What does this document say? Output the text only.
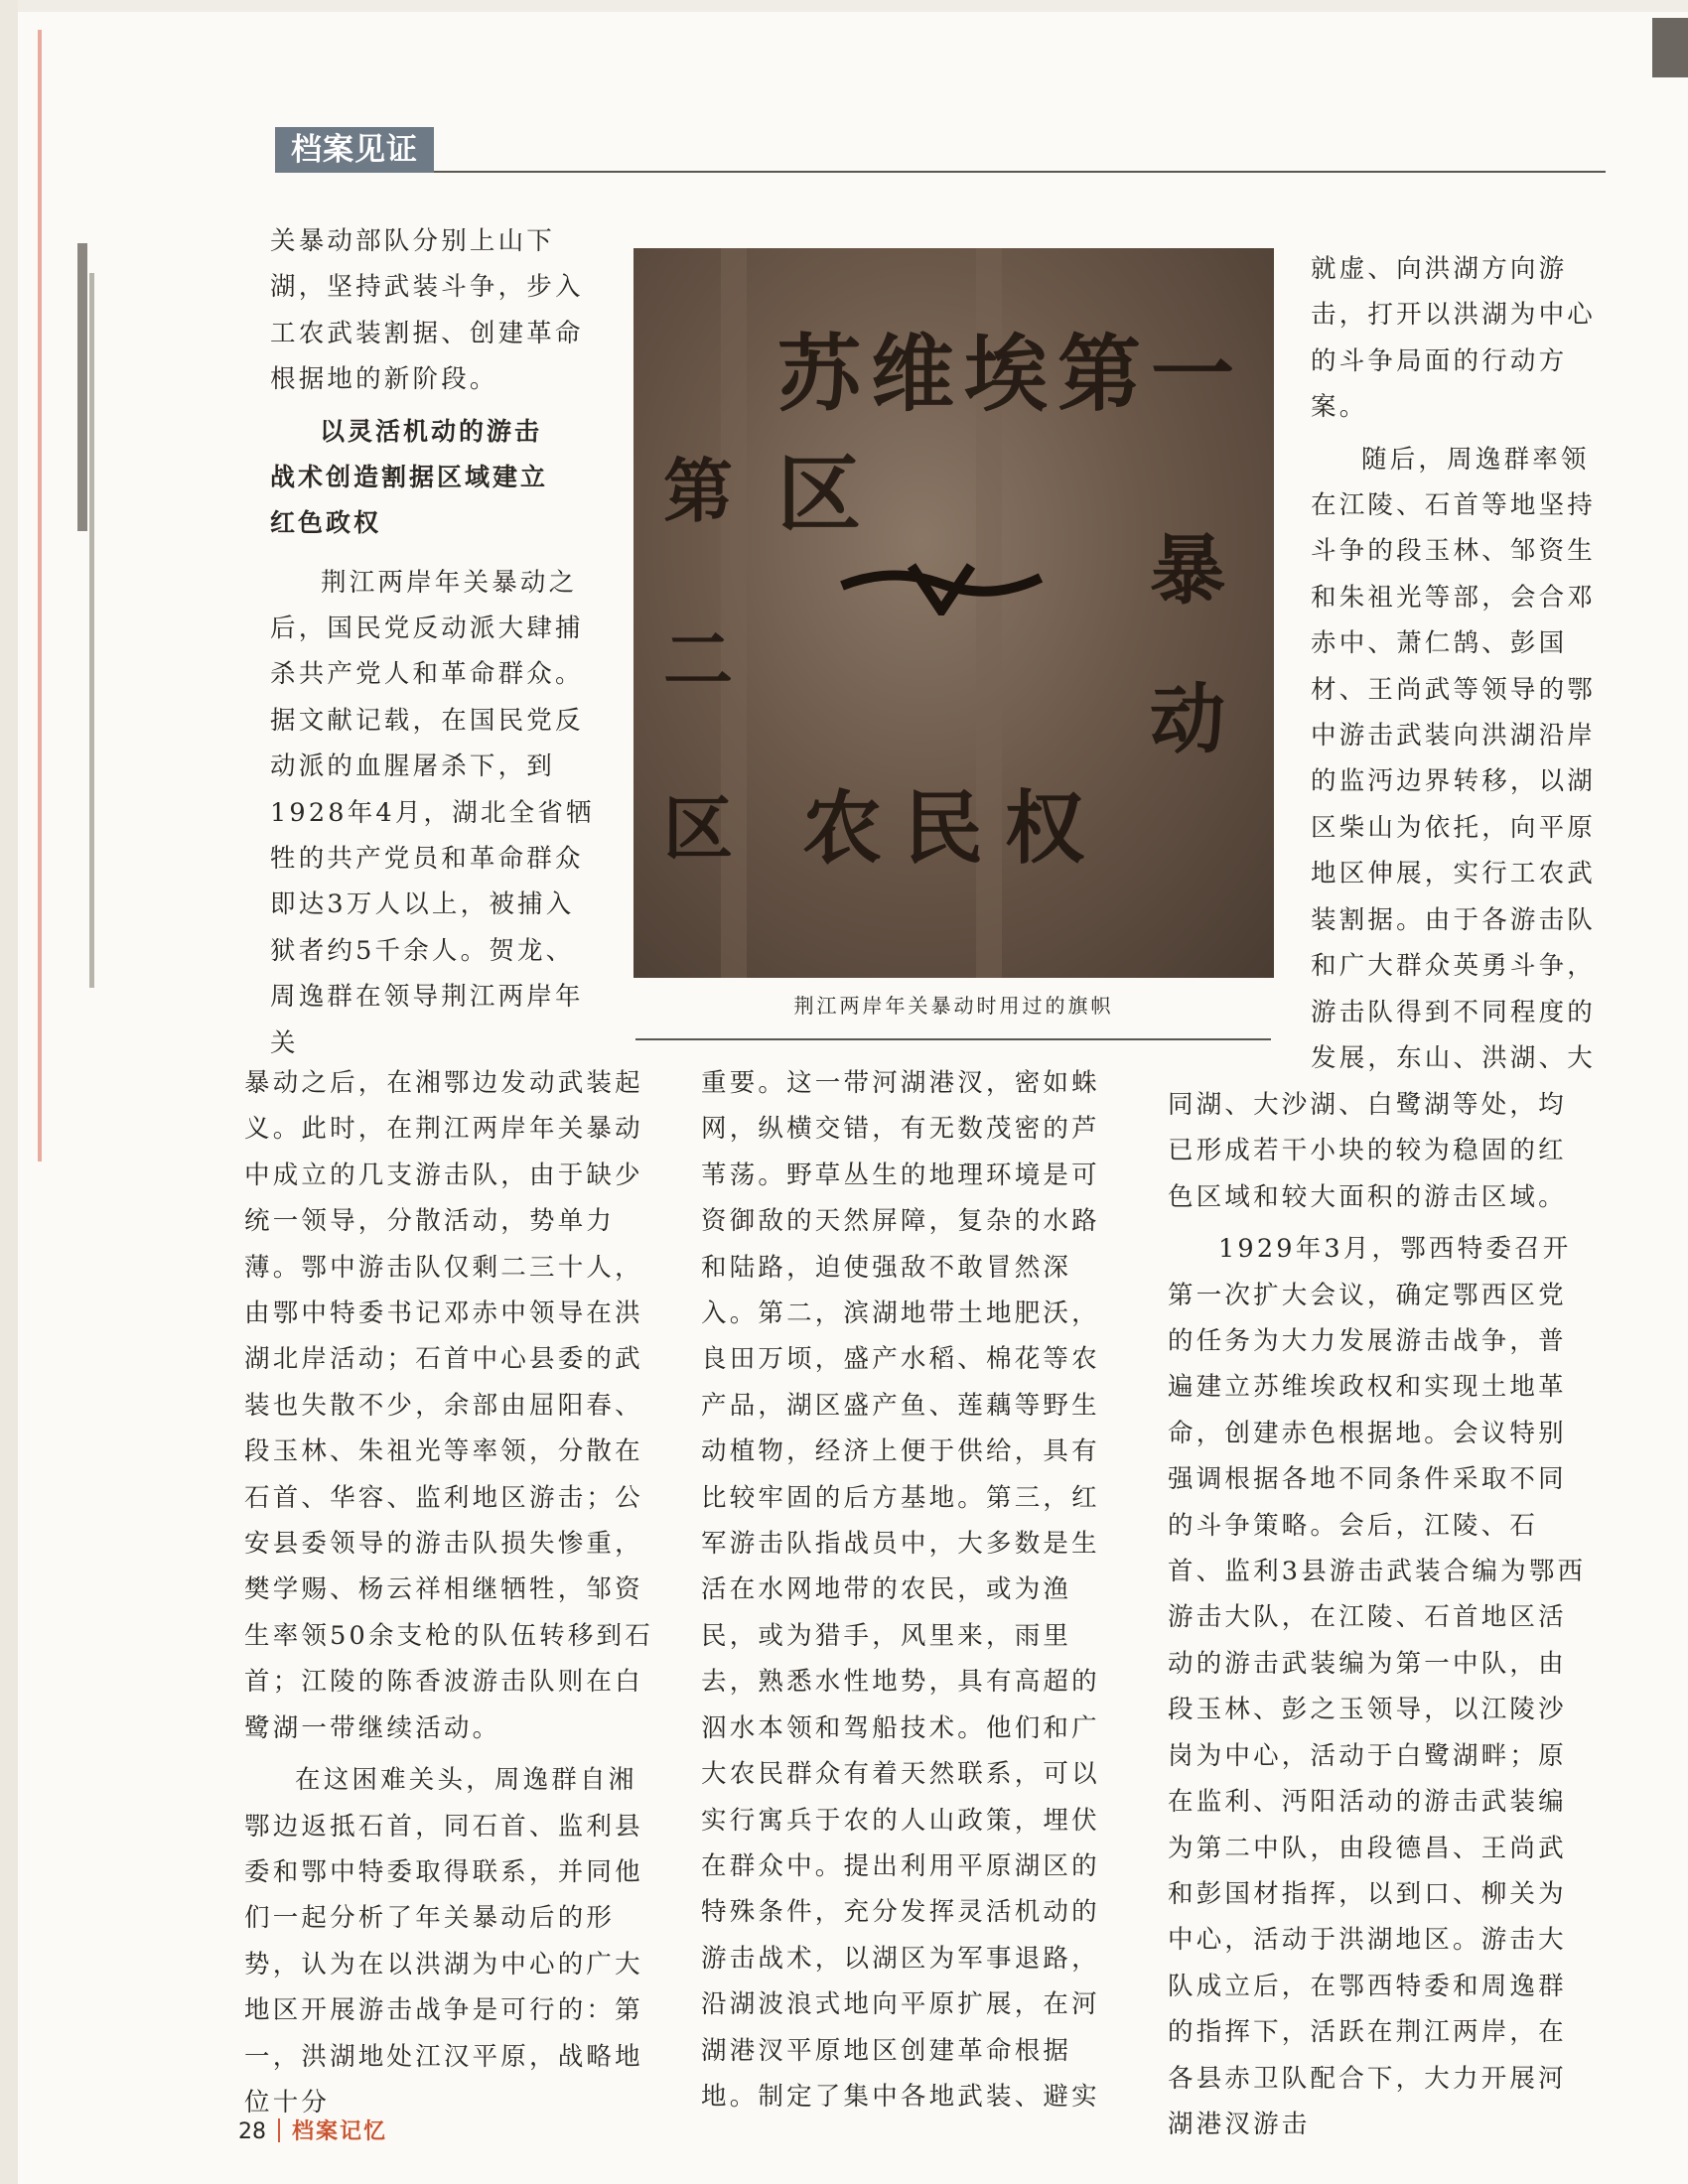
档案见证

关暴动部队分别上山下湖，坚持武装斗争，步入工农武装割据、创建革命根据地的新阶段。

以灵活机动的游击
战术创造割据区域建立
红色政权

荆江两岸年关暴动之后，国民党反动派大肆捕杀共产党人和革命群众。据文献记载，在国民党反动派的血腥屠杀下，到1928年4月，湖北全省牺牲的共产党员和革命群众即达3万人以上，被捕入狱者约5千余人。贺龙、周逸群在领导荆江两岸年关

暴动之后，在湘鄂边发动武装起义。此时，在荆江两岸年关暴动中成立的几支游击队，由于缺少统一领导，分散活动，势单力薄。鄂中游击队仅剩二三十人，由鄂中特委书记邓赤中领导在洪湖北岸活动；石首中心县委的武装也失散不少，余部由屈阳春、段玉林、朱祖光等率领，分散在石首、华容、监利地区游击；公安县委领导的游击队损失惨重，樊学赐、杨云祥相继牺牲，邹资生率领50余支枪的队伍转移到石首；江陵的陈香波游击队则在白鹭湖一带继续活动。

在这困难关头，周逸群自湘鄂边返抵石首，同石首、监利县委和鄂中特委取得联系，并同他们一起分析了年关暴动后的形势，认为在以洪湖为中心的广大地区开展游击战争是可行的：第一，洪湖地处江汉平原，战略地位十分

苏维埃第一区
第二区
暴动
农民权
荆江两岸年关暴动时用过的旗帜

重要。这一带河湖港汊，密如蛛网，纵横交错，有无数茂密的芦苇荡。野草丛生的地理环境是可资御敌的天然屏障，复杂的水路和陆路，迫使强敌不敢冒然深入。第二，滨湖地带土地肥沃，良田万顷，盛产水稻、棉花等农产品，湖区盛产鱼、莲藕等野生动植物，经济上便于供给，具有比较牢固的后方基地。第三，红军游击队指战员中，大多数是生活在水网地带的农民，或为渔民，或为猎手，风里来，雨里去，熟悉水性地势，具有高超的泅水本领和驾船技术。他们和广大农民群众有着天然联系，可以实行寓兵于农的人山政策，埋伏在群众中。提出利用平原湖区的特殊条件，充分发挥灵活机动的游击战术，以湖区为军事退路，沿湖波浪式地向平原扩展，在河湖港汊平原地区创建革命根据地。制定了集中各地武装、避实

就虚、向洪湖方向游击，打开以洪湖为中心的斗争局面的行动方案。

随后，周逸群率领在江陵、石首等地坚持斗争的段玉林、邹资生和朱祖光等部，会合邓赤中、萧仁鹄、彭国材、王尚武等领导的鄂中游击武装向洪湖沿岸的监沔边界转移，以湖区柴山为依托，向平原地区伸展，实行工农武装割据。由于各游击队和广大群众英勇斗争，游击队得到不同程度的发展，东山、洪湖、大

同湖、大沙湖、白鹭湖等处，均已形成若干小块的较为稳固的红色区域和较大面积的游击区域。

1929年3月，鄂西特委召开第一次扩大会议，确定鄂西区党的任务为大力发展游击战争，普遍建立苏维埃政权和实现土地革命，创建赤色根据地。会议特别强调根据各地不同条件采取不同的斗争策略。会后，江陵、石首、监利3县游击武装合编为鄂西游击大队，在江陵、石首地区活动的游击武装编为第一中队，由段玉林、彭之玉领导，以江陵沙岗为中心，活动于白鹭湖畔；原在监利、沔阳活动的游击武装编为第二中队，由段德昌、王尚武和彭国材指挥，以到口、柳关为中心，活动于洪湖地区。游击大队成立后，在鄂西特委和周逸群的指挥下，活跃在荆江两岸，在各县赤卫队配合下，大力开展河湖港汊游击

28 档案记忆
